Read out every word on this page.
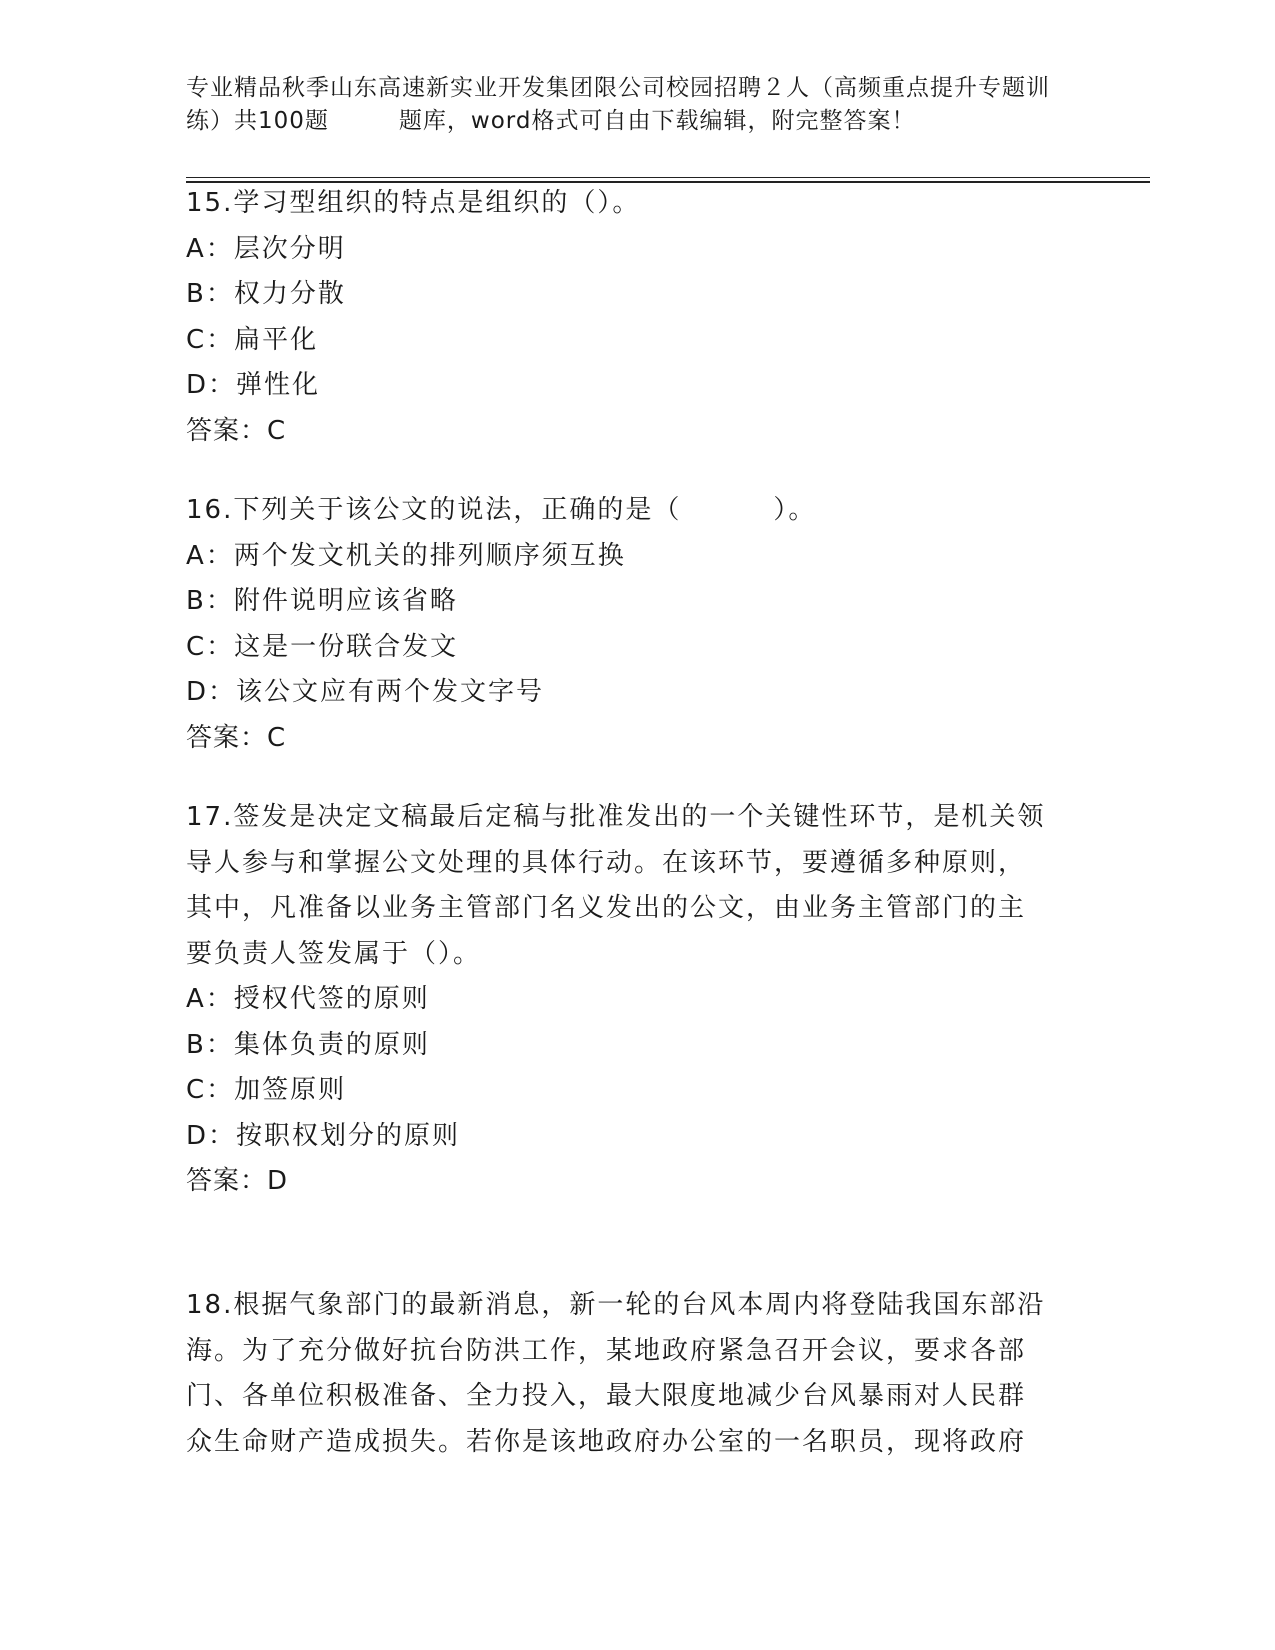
专业精品秋季山东高速新实业开发集团限公司校园招聘２人（高频重点提升专题训
练）共100题	题库，word格式可自由下载编辑，附完整答案！
15.学习型组织的特点是组织的（）。
A：层次分明
B：权力分散
C：扁平化
D：弹性化
答案：C
16.下列关于该公文的说法，正确的是（	）。
A：两个发文机关的排列顺序须互换
B：附件说明应该省略
C：这是一份联合发文
D：该公文应有两个发文字号
答案：C
17.签发是决定文稿最后定稿与批准发出的一个关键性环节，是机关领
导人参与和掌握公文处理的具体行动。在该环节，要遵循多种原则，
其中，凡准备以业务主管部门名义发出的公文，由业务主管部门的主
要负责人签发属于（）。
A：授权代签的原则
B：集体负责的原则
C：加签原则
D：按职权划分的原则
答案：D
18.根据气象部门的最新消息，新一轮的台风本周内将登陆我国东部沿
海。为了充分做好抗台防洪工作，某地政府紧急召开会议，要求各部
门、各单位积极准备、全力投入，最大限度地减少台风暴雨对人民群
众生命财产造成损失。若你是该地政府办公室的一名职员，现将政府
